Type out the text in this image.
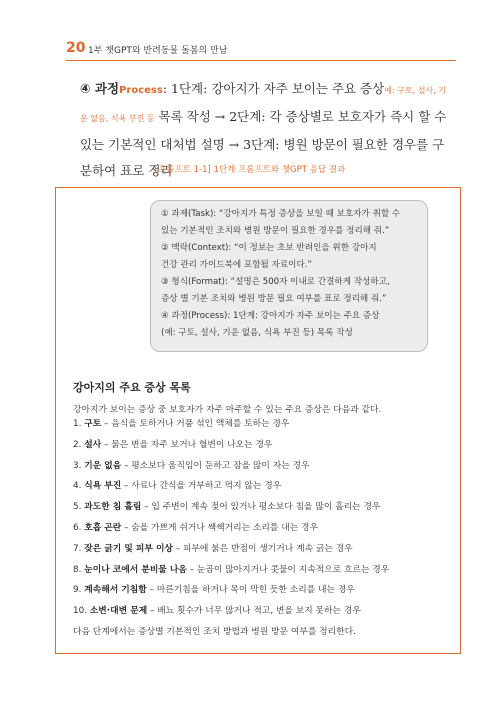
20 1부 챗GPT와 반려동물 돌봄의 만남
④ 과정Process: 1단계: 강아지가 자주 보이는 주요 증상예: 구토, 설사, 기운 없음, 식욕 부진 등 목록 작성 → 2단계: 각 증상별로 보호자가 즉시 할 수 있는 기본적인 대처법 설명 → 3단계: 병원 방문이 필요한 경우를 구분하여 표로 정리
[프롬프트 1-1] 1단계 프롬프트와 챗GPT 응답 결과

① 과제(Task): “강아지가 특정 증상을 보일 때 보호자가 취할 수

있는 기본적인 조치와 병원 방문이 필요한 경우를 정리해 줘.”

② 맥락(Context): “이 정보는 초보 반려인을 위한 강아지

건강 관리 가이드북에 포함될 자료이다.”

③ 형식(Format): “설명은 500자 이내로 간결하게 작성하고,

증상 별 기본 조치와 병원 방문 필요 여부를 표로 정리해 줘.”

④ 과정(Process): 1단계: 강아지가 자주 보이는 주요 증상

(예: 구토, 설사, 기운 없음, 식욕 부진 등) 목록 작성

강아지의 주요 증상 목록
강아지가 보이는 증상 중 보호자가 자주 마주할 수 있는 주요 증상은 다음과 같다.
1. 구토 – 음식을 토하거나 거품 섞인 액체를 토하는 경우
2. 설사 – 묽은 변을 자주 보거나 혈변이 나오는 경우
3. 기운 없음 – 평소보다 움직임이 둔하고 잠을 많이 자는 경우
4. 식욕 부진 – 사료나 간식을 거부하고 먹지 않는 경우
5. 과도한 침 흘림 – 입 주변이 계속 젖어 있거나 평소보다 침을 많이 흘리는 경우
6. 호흡 곤란 – 숨을 가쁘게 쉬거나 쌕쌕거리는 소리를 내는 경우
7. 잦은 긁기 및 피부 이상 – 피부에 붉은 반점이 생기거나 계속 긁는 경우
8. 눈이나 코에서 분비물 나옴 – 눈곱이 많아지거나 콧물이 지속적으로 흐르는 경우
9. 계속해서 기침함 – 마른기침을 하거나 목이 막힌 듯한 소리를 내는 경우
10. 소변·대변 문제 – 배뇨 횟수가 너무 많거나 적고, 변을 보지 못하는 경우
다음 단계에서는 증상별 기본적인 조치 방법과 병원 방문 여부를 정리한다.
